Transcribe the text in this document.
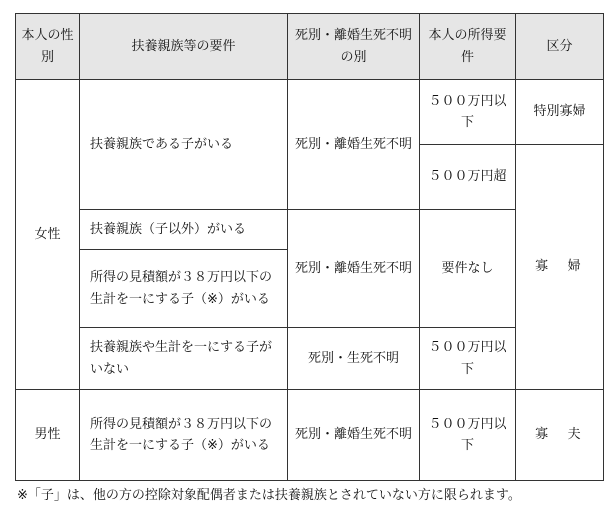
本人の性別	扶養親族等の要件	死別・離婚生死不明の別	本人の所得要件	区分
女性	扶養親族である子がいる	死別・離婚生死不明	５００万円以下	特別寡婦
			５００万円超	寡　婦
	扶養親族（子以外）がいる	死別・離婚生死不明	要件なし	
	所得の見積額が３８万円以下の生計を一にする子（※）がいる			
	扶養親族や生計を一にする子がいない	死別・生死不明	５００万円以下	
男性	所得の見積額が３８万円以下の生計を一にする子（※）がいる	死別・離婚生死不明	５００万円以下	寡　夫
※「子」は、他の方の控除対象配偶者または扶養親族とされていない方に限られます。
